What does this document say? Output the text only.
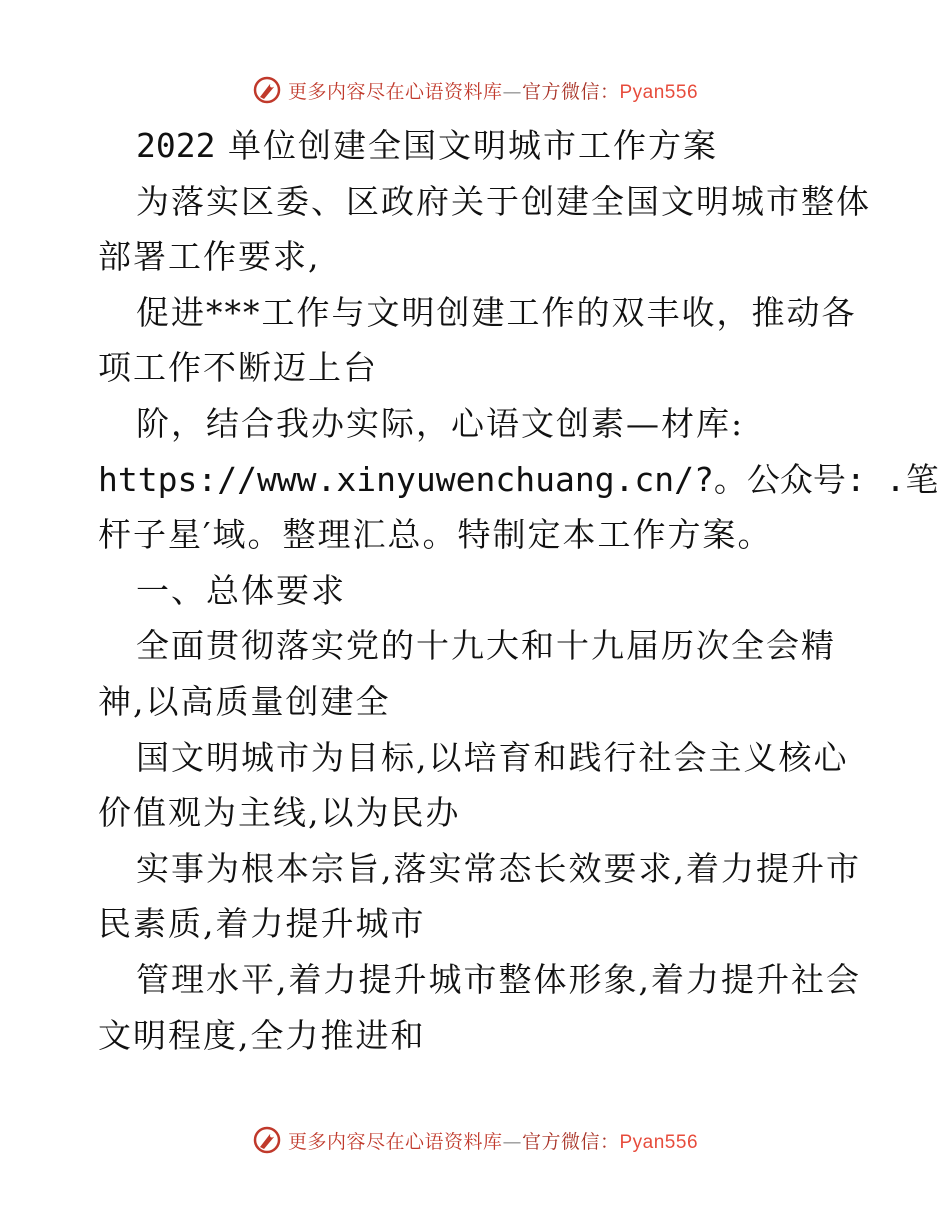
更多内容尽在心语资料库—官方微信：Pyan556
2022 单位创建全国文明城市工作方案
为落实区委、区政府关于创建全国文明城市整体
部署工作要求,
促进***工作与文明创建工作的双丰收，推动各
项工作不断迈上台
阶，结合我办实际，心语文创素—材库:
https://www.xinyuwenchuang.cn/?。公众号: .笔
杆子星′域。整理汇总。特制定本工作方案。
一、总体要求
全面贯彻落实党的十九大和十九届历次全会精
神,以高质量创建全
国文明城市为目标,以培育和践行社会主义核心
价值观为主线,以为民办
实事为根本宗旨,落实常态长效要求,着力提升市
民素质,着力提升城市
管理水平,着力提升城市整体形象,着力提升社会
文明程度,全力推进和
更多内容尽在心语资料库—官方微信：Pyan556
